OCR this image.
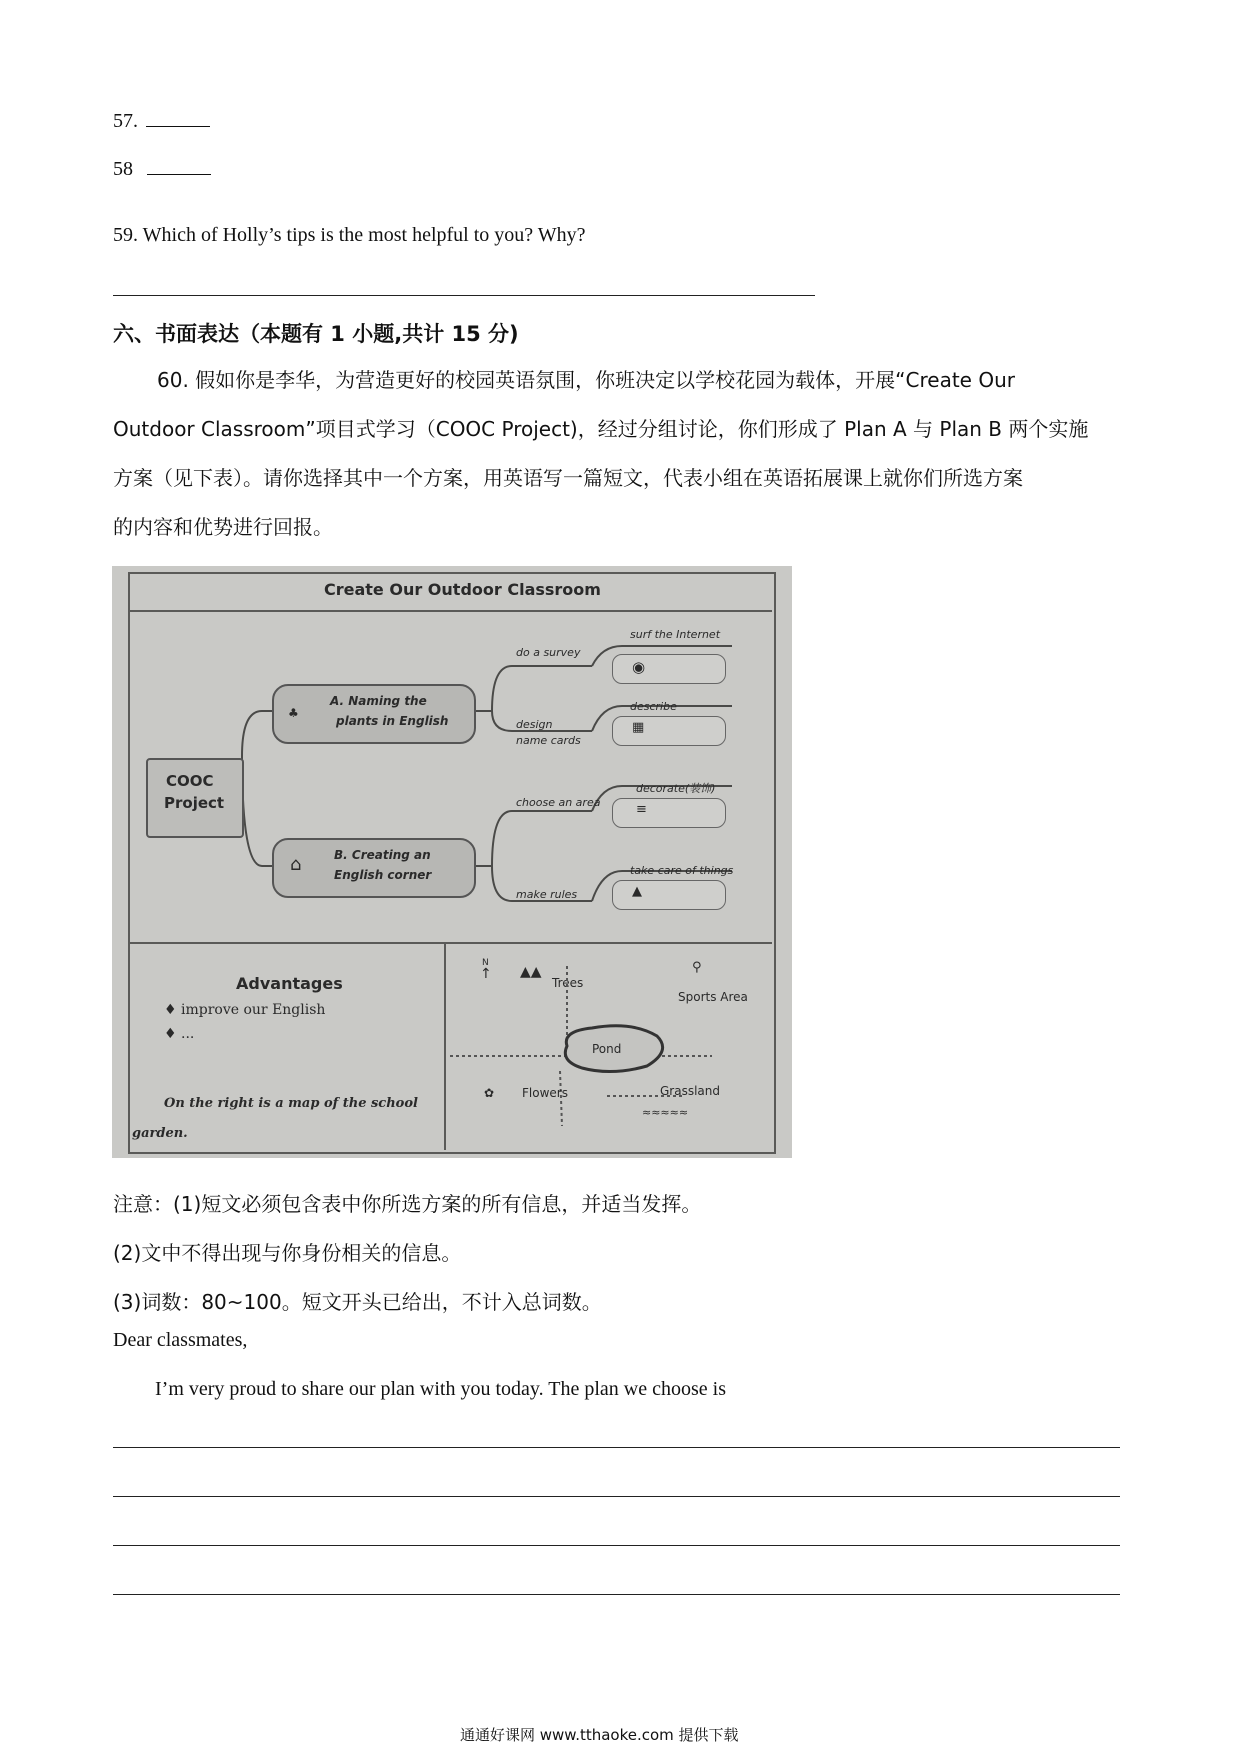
57.
58
59. Which of Holly’s tips is the most helpful to you? Why?
六、书面表达（本题有 1 小题,共计 15 分)
60. 假如你是李华，为营造更好的校园英语氛围，你班决定以学校花园为载体，开展“Create Our
Outdoor Classroom”项目式学习（COOC Project)，经过分组讨论，你们形成了 Plan A 与 Plan B 两个实施
方案（见下表）。请你选择其中一个方案，用英语写一篇短文，代表小组在英语拓展课上就你们所选方案
的内容和优势进行回报。
Create Our Outdoor Classroom
COOC
Project
♣
A. Naming the
plants in English
⌂	B. Creating an
English corner
do a survey
surf the Internet
◉
design
name cards
describe
▦
choose an area
decorate(装饰)
≡
make rules
take care of things
▲
Advantages
♦ improve our English
♦ ...
On the right is a map of the school
garden.
N
↑ ▲▲
Trees
⚲
Sports Area
Pond
✿ Flowers	Grassland
≈≈≈≈≈
注意：(1)短文必须包含表中你所选方案的所有信息，并适当发挥。
(2)文中不得出现与你身份相关的信息。
(3)词数：80~100。短文开头已给出，不计入总词数。
Dear classmates,
I’m very proud to share our plan with you today. The plan we choose is
通通好课网 www.tthaoke.com 提供下载
